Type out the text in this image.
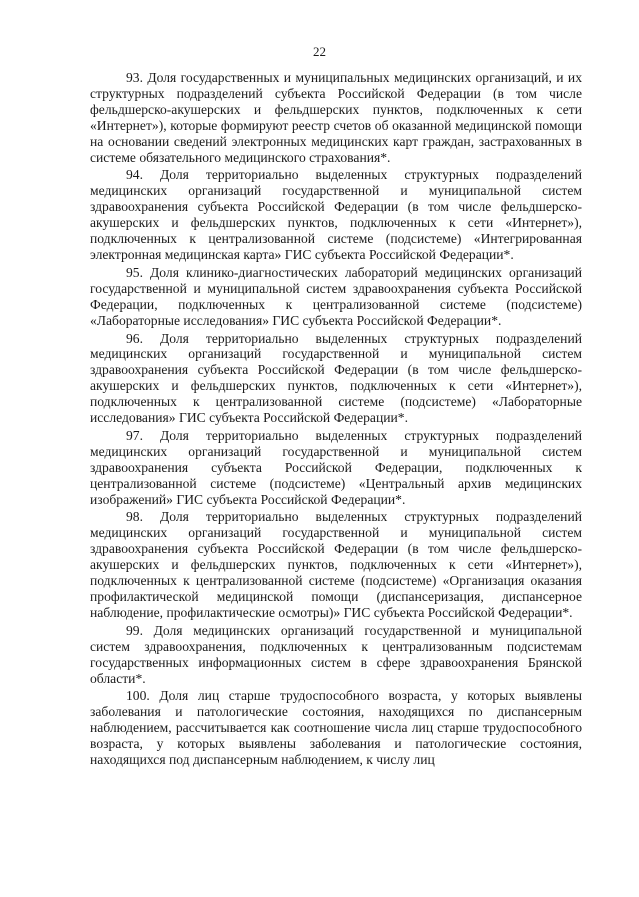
22

93. Доля государственных и муниципальных медицинских организаций, и их структурных подразделений субъекта Российской Федерации (в том числе фельдшерско-акушерских и фельдшерских пунктов, подключенных к сети «Интернет»), которые формируют реестр счетов об оказанной медицинской помощи на основании сведений электронных медицинских карт граждан, застрахованных в системе обязательного медицинского страхования*.

94. Доля территориально выделенных структурных подразделений медицинских организаций государственной и муниципальной систем здравоохранения субъекта Российской Федерации (в том числе фельдшерско-акушерских и фельдшерских пунктов, подключенных к сети «Интернет»), подключенных к централизованной системе (подсистеме) «Интегрированная электронная медицинская карта» ГИС субъекта Российской Федерации*.

95. Доля клинико-диагностических лабораторий медицинских организаций государственной и муниципальной систем здравоохранения субъекта Российской Федерации, подключенных к централизованной системе (подсистеме) «Лабораторные исследования» ГИС субъекта Российской Федерации*.

96. Доля территориально выделенных структурных подразделений медицинских организаций государственной и муниципальной систем здравоохранения субъекта Российской Федерации (в том числе фельдшерско-акушерских и фельдшерских пунктов, подключенных к сети «Интернет»), подключенных к централизованной системе (подсистеме) «Лабораторные исследования» ГИС субъекта Российской Федерации*.

97. Доля территориально выделенных структурных подразделений медицинских организаций государственной и муниципальной систем здравоохранения субъекта Российской Федерации, подключенных к централизованной системе (подсистеме) «Центральный архив медицинских изображений» ГИС субъекта Российской Федерации*.

98. Доля территориально выделенных структурных подразделений медицинских организаций государственной и муниципальной систем здравоохранения субъекта Российской Федерации (в том числе фельдшерско-акушерских и фельдшерских пунктов, подключенных к сети «Интернет»), подключенных к централизованной системе (подсистеме) «Организация оказания профилактической медицинской помощи (диспансеризация, диспансерное наблюдение, профилактические осмотры)» ГИС субъекта Российской Федерации*.

99. Доля медицинских организаций государственной и муниципальной систем здравоохранения, подключенных к централизованным подсистемам государственных информационных систем в сфере здравоохранения Брянской области*.

100. Доля лиц старше трудоспособного возраста, у которых выявлены заболевания и патологические состояния, находящихся по диспансерным наблюдением, рассчитывается как соотношение числа лиц старше трудоспособного возраста, у которых выявлены заболевания и патологические состояния, находящихся под диспансерным наблюдением, к числу лиц
